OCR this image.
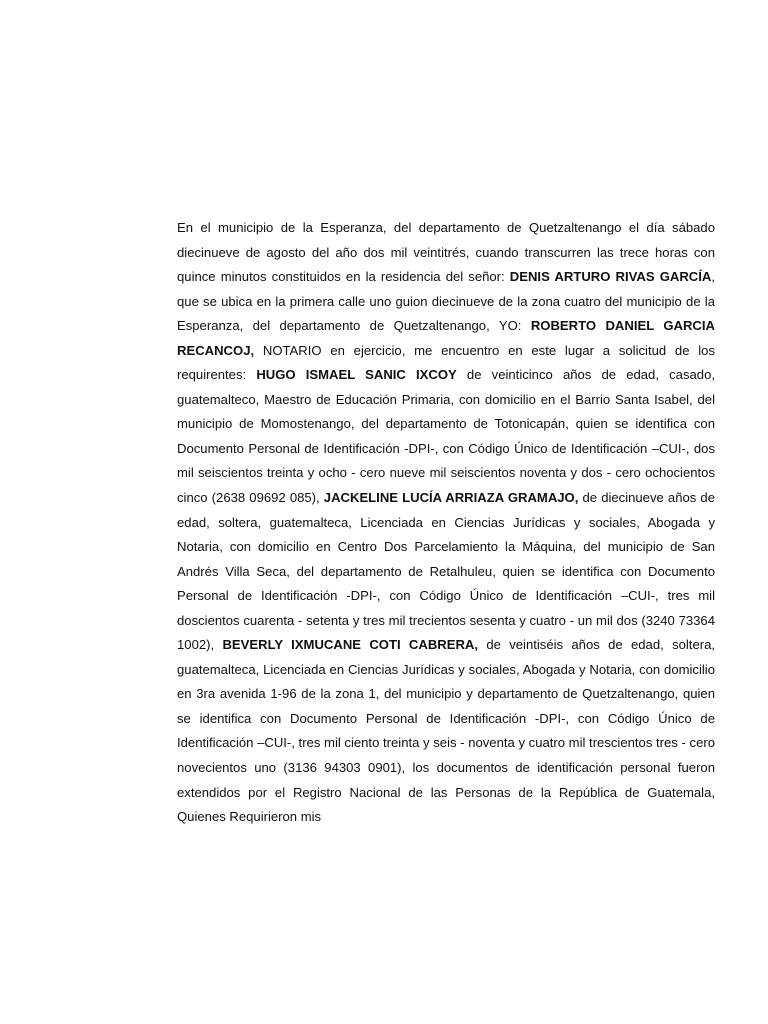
En el municipio de la Esperanza, del departamento de Quetzaltenango el día sábado diecinueve de agosto del año dos mil veintitrés, cuando transcurren las trece horas con quince minutos constituidos en la residencia del señor: DENIS ARTURO RIVAS GARCÍA, que se ubica en la primera calle uno guion diecinueve de la zona cuatro del municipio de la Esperanza, del departamento de Quetzaltenango, YO: ROBERTO DANIEL GARCIA RECANCOJ, NOTARIO en ejercicio, me encuentro en este lugar a solicitud de los requirentes: HUGO ISMAEL SANIC IXCOY de veinticinco años de edad, casado, guatemalteco, Maestro de Educación Primaria, con domicilio en el Barrio Santa Isabel, del municipio de Momostenango, del departamento de Totonicapán, quien se identifica con Documento Personal de Identificación -DPI-, con Código Único de Identificación –CUI-, dos mil seiscientos treinta y ocho - cero nueve mil seiscientos noventa y dos - cero ochocientos cinco (2638 09692 085), JACKELINE LUCÍA ARRIAZA GRAMAJO, de diecinueve años de edad, soltera, guatemalteca, Licenciada en Ciencias Jurídicas y sociales, Abogada y Notaria, con domicilio en Centro Dos Parcelamiento la Máquina, del municipio de San Andrés Villa Seca, del departamento de Retalhuleu, quien se identifica con Documento Personal de Identificación -DPI-, con Código Único de Identificación –CUI-, tres mil doscientos cuarenta - setenta y tres mil trecientos sesenta y cuatro - un mil dos (3240 73364 1002), BEVERLY IXMUCANE COTI CABRERA, de veintiséis años de edad, soltera, guatemalteca, Licenciada en Ciencias Jurídicas y sociales, Abogada y Notaria, con domicilio en 3ra avenida 1-96 de la zona 1, del municipio y departamento de Quetzaltenango, quien se identifica con Documento Personal de Identificación -DPI-, con Código Único de Identificación –CUI-, tres mil ciento treinta y seis - noventa y cuatro mil trescientos tres - cero novecientos uno (3136 94303 0901), los documentos de identificación personal fueron extendidos por el Registro Nacional de las Personas de la República de Guatemala, Quienes Requirieron mis
